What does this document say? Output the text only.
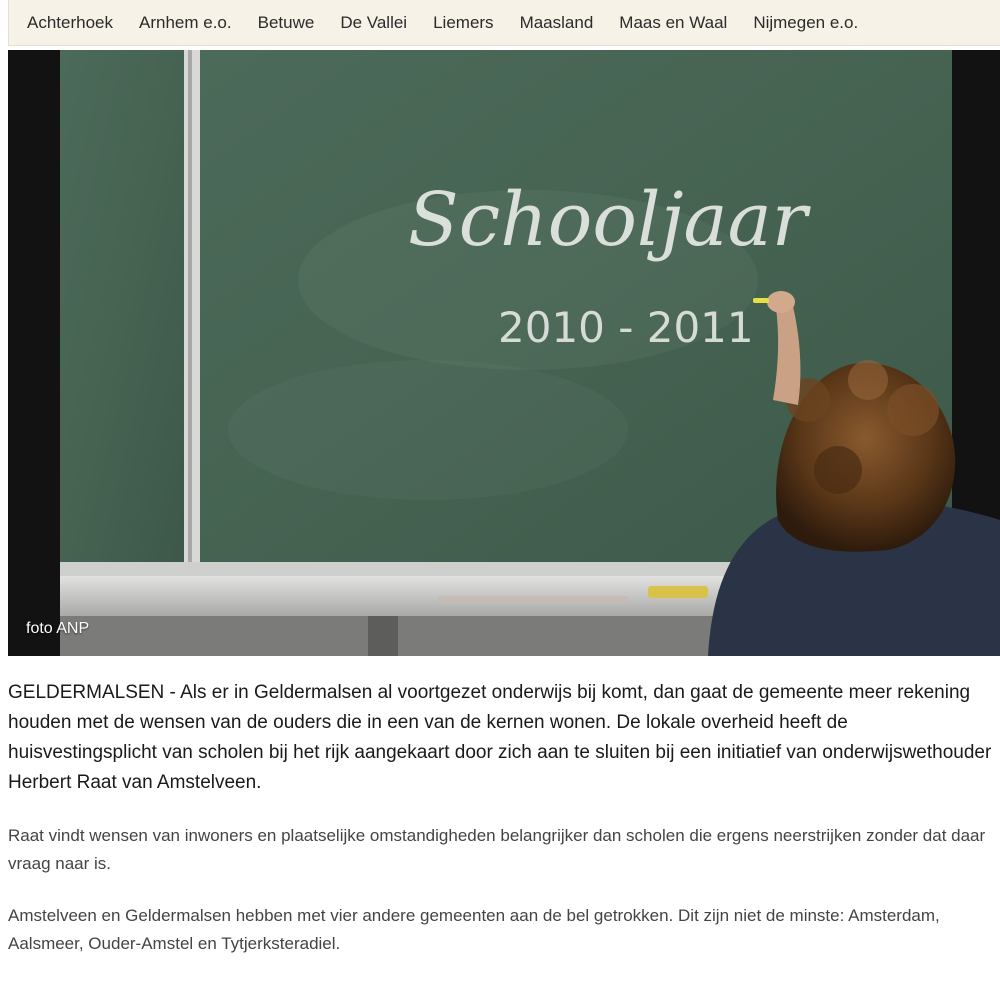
Achterhoek Arnhem e.o. Betuwe De Vallei Liemers Maasland Maas en Waal Nijmegen e.o.
Schooljaar
2010 - 2011
foto ANP

GELDERMALSEN - Als er in Geldermalsen al voortgezet onderwijs bij komt, dan gaat de gemeente meer rekening houden met de wensen van de ouders die in een van de kernen wonen. De lokale overheid heeft de huisvestingsplicht van scholen bij het rijk aangekaart door zich aan te sluiten bij een initiatief van onderwijswethouder Herbert Raat van Amstelveen.

Raat vindt wensen van inwoners en plaatselijke omstandigheden belangrijker dan scholen die ergens neerstrijken zonder dat daar vraag naar is.

Amstelveen en Geldermalsen hebben met vier andere gemeenten aan de bel getrokken. Dit zijn niet de minste: Amsterdam, Aalsmeer, Ouder-Amstel en Tytjerksteradiel.
